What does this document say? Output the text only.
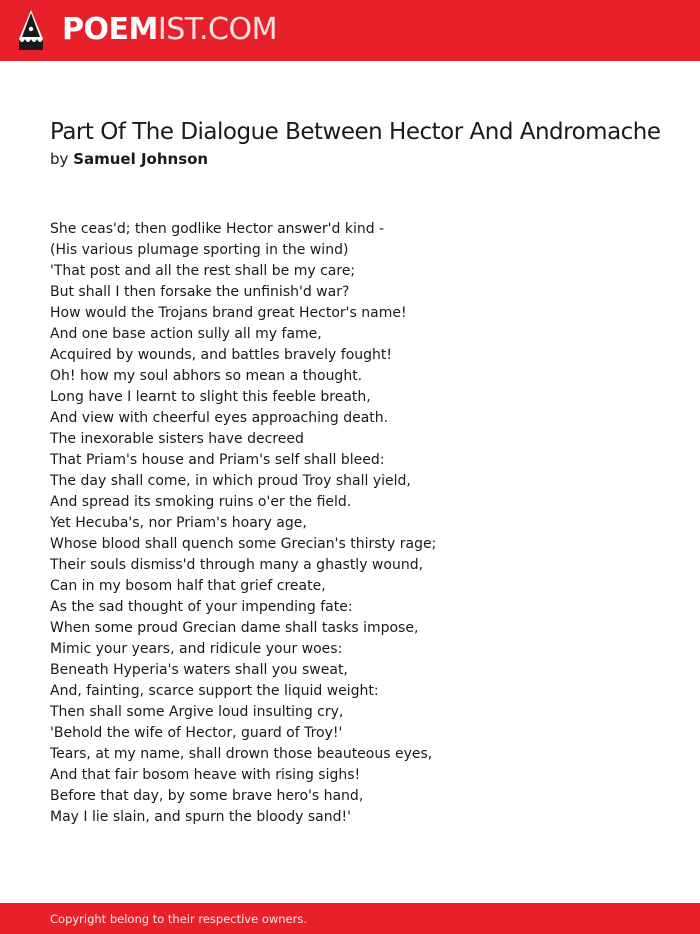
POEMIST.COM
Part Of The Dialogue Between Hector And Andromache
by Samuel Johnson
She ceas'd; then godlike Hector answer'd kind -
(His various plumage sporting in the wind)
'That post and all the rest shall be my care;
But shall I then forsake the unfinish'd war?
How would the Trojans brand great Hector's name!
And one base action sully all my fame,
Acquired by wounds, and battles bravely fought!
Oh! how my soul abhors so mean a thought.
Long have I learnt to slight this feeble breath,
And view with cheerful eyes approaching death.
The inexorable sisters have decreed
That Priam's house and Priam's self shall bleed:
The day shall come, in which proud Troy shall yield,
And spread its smoking ruins o'er the field.
Yet Hecuba's, nor Priam's hoary age,
Whose blood shall quench some Grecian's thirsty rage;
Their souls dismiss'd through many a ghastly wound,
Can in my bosom half that grief create,
As the sad thought of your impending fate:
When some proud Grecian dame shall tasks impose,
Mimic your years, and ridicule your woes:
Beneath Hyperia's waters shall you sweat,
And, fainting, scarce support the liquid weight:
Then shall some Argive loud insulting cry,
'Behold the wife of Hector, guard of Troy!'
Tears, at my name, shall drown those beauteous eyes,
And that fair bosom heave with rising sighs!
Before that day, by some brave hero's hand,
May I lie slain, and spurn the bloody sand!'
Copyright belong to their respective owners.
